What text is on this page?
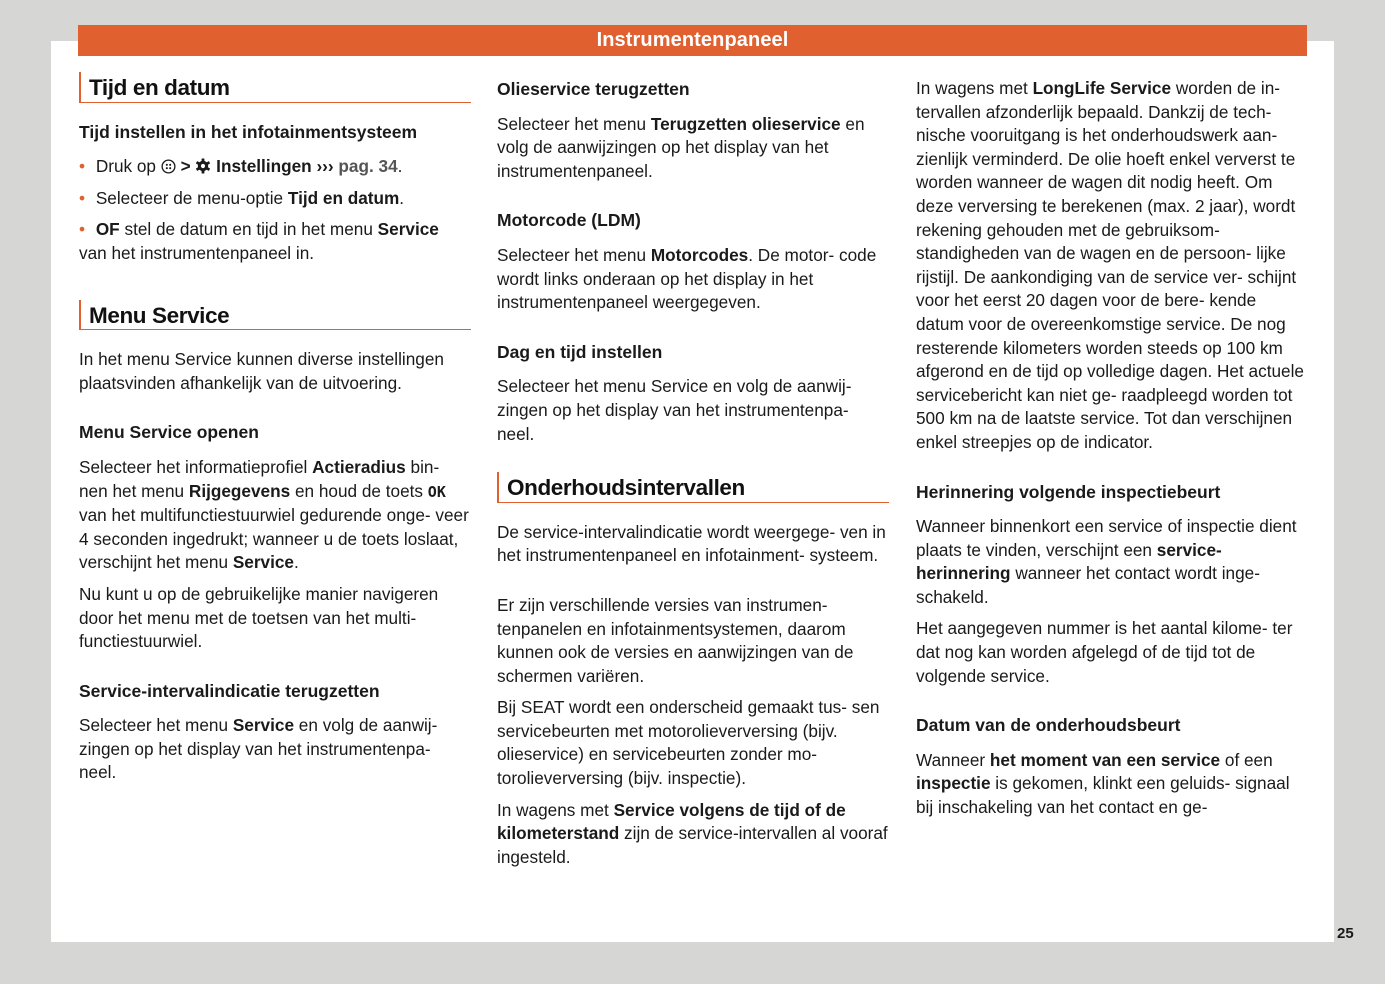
Instrumentenpaneel
Tijd en datum
Tijd instellen in het infotainmentsysteem

• Druk op > Instellingen ››› pag. 34.

• Selecteer de menu-optie Tijd en datum.

• OF stel de datum en tijd in het menu Service van het instrumentenpaneel in.

Menu Service

In het menu Service kunnen diverse instellingen plaatsvinden afhankelijk van de uitvoering.

Menu Service openen

Selecteer het informatieprofiel Actieradius bin- nen het menu Rijgegevens en houd de toets OK van het multifunctiestuurwiel gedurende onge- veer 4 seconden ingedrukt; wanneer u de toets loslaat, verschijnt het menu Service.

Nu kunt u op de gebruikelijke manier navigeren door het menu met de toetsen van het multi- functiestuurwiel.

Service-intervalindicatie terugzetten

Selecteer het menu Service en volg de aanwij- zingen op het display van het instrumentenpa- neel.

Olieservice terugzetten

Selecteer het menu Terugzetten olieservice en volg de aanwijzingen op het display van het instrumentenpaneel.

Motorcode (LDM)

Selecteer het menu Motorcodes. De motor- code wordt links onderaan op het display in het instrumentenpaneel weergegeven.

Dag en tijd instellen

Selecteer het menu Service en volg de aanwij- zingen op het display van het instrumentenpa- neel.

Onderhoudsintervallen

De service-intervalindicatie wordt weergege- ven in het instrumentenpaneel en infotainment- systeem.

Er zijn verschillende versies van instrumen- tenpanelen en infotainmentsystemen, daarom kunnen ook de versies en aanwijzingen van de schermen variëren.

Bij SEAT wordt een onderscheid gemaakt tus- sen servicebeurten met motorolieverversing (bijv. olieservice) en servicebeurten zonder mo- torolieverversing (bijv. inspectie).

In wagens met Service volgens de tijd of de kilometerstand zijn de service-intervallen al vooraf ingesteld.

In wagens met LongLife Service worden de in- tervallen afzonderlijk bepaald. Dankzij de tech- nische vooruitgang is het onderhoudswerk aan- zienlijk verminderd. De olie hoeft enkel ververst te worden wanneer de wagen dit nodig heeft. Om deze verversing te berekenen (max. 2 jaar), wordt rekening gehouden met de gebruiksom- standigheden van de wagen en de persoon- lijke rijstijl. De aankondiging van de service ver- schijnt voor het eerst 20 dagen voor de bere- kende datum voor de overeenkomstige service. De nog resterende kilometers worden steeds op 100 km afgerond en de tijd op volledige dagen. Het actuele servicebericht kan niet ge- raadpleegd worden tot 500 km na de laatste service. Tot dan verschijnen enkel streepjes op de indicator.

Herinnering volgende inspectiebeurt

Wanneer binnenkort een service of inspectie dient plaats te vinden, verschijnt een service- herinnering wanneer het contact wordt inge- schakeld.

Het aangegeven nummer is het aantal kilome- ter dat nog kan worden afgelegd of de tijd tot de volgende service.

Datum van de onderhoudsbeurt

Wanneer het moment van een service of een inspectie is gekomen, klinkt een geluids- signaal bij inschakeling van het contact en ge-

25
